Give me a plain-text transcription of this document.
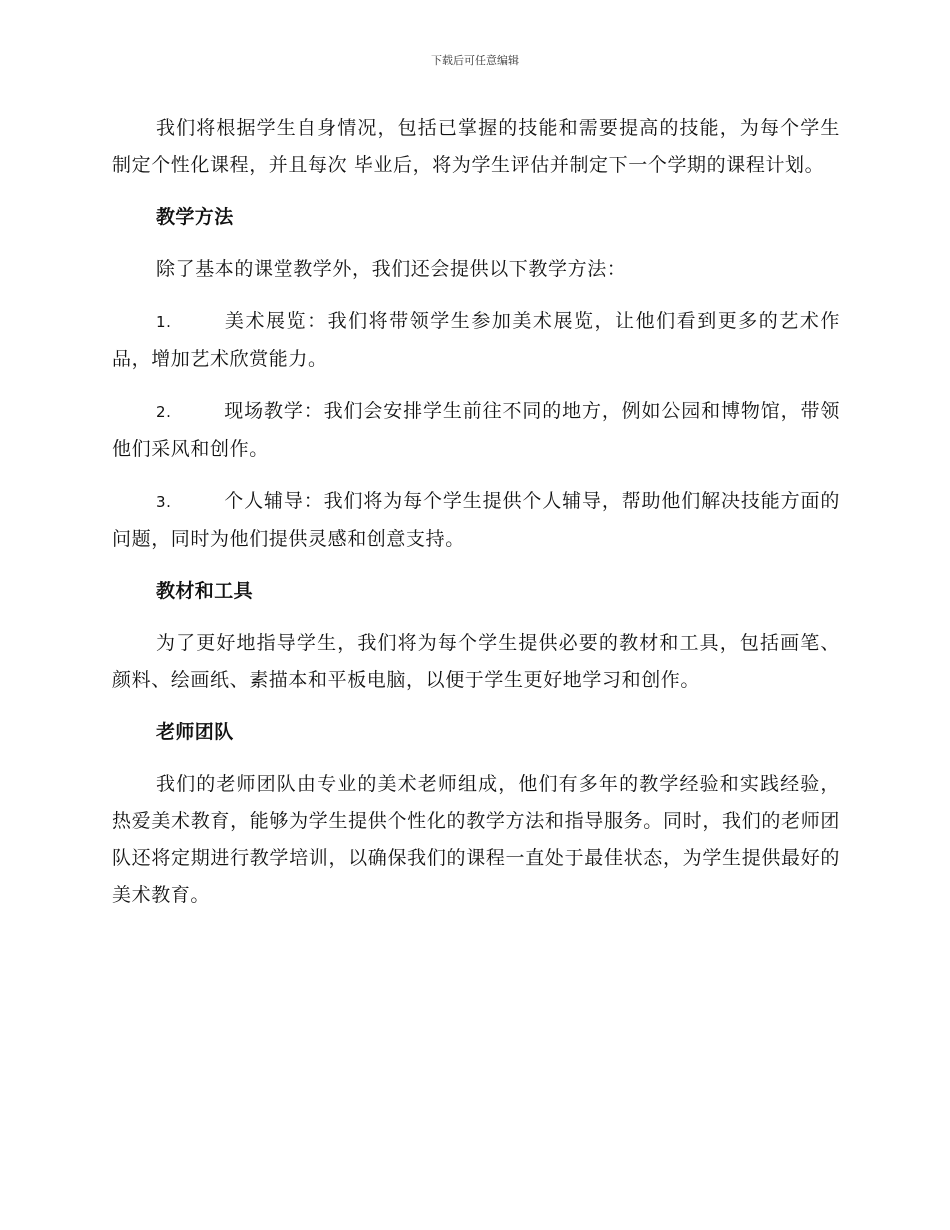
下载后可任意编辑

我们将根据学生自身情况，包括已掌握的技能和需要提高的技能，为每个学生制定个性化课程，并且每次 毕业后，将为学生评估并制定下一个学期的课程计划。

教学方法

除了基本的课堂教学外，我们还会提供以下教学方法：

1.	美术展览：我们将带领学生参加美术展览，让他们看到更多的艺术作品，增加艺术欣赏能力。

2.	现场教学：我们会安排学生前往不同的地方，例如公园和博物馆，带领他们采风和创作。

3.	个人辅导：我们将为每个学生提供个人辅导，帮助他们解决技能方面的问题，同时为他们提供灵感和创意支持。

教材和工具

为了更好地指导学生，我们将为每个学生提供必要的教材和工具，包括画笔、颜料、绘画纸、素描本和平板电脑，以便于学生更好地学习和创作。

老师团队

我们的老师团队由专业的美术老师组成，他们有多年的教学经验和实践经验，热爱美术教育，能够为学生提供个性化的教学方法和指导服务。同时，我们的老师团队还将定期进行教学培训，以确保我们的课程一直处于最佳状态，为学生提供最好的美术教育。
